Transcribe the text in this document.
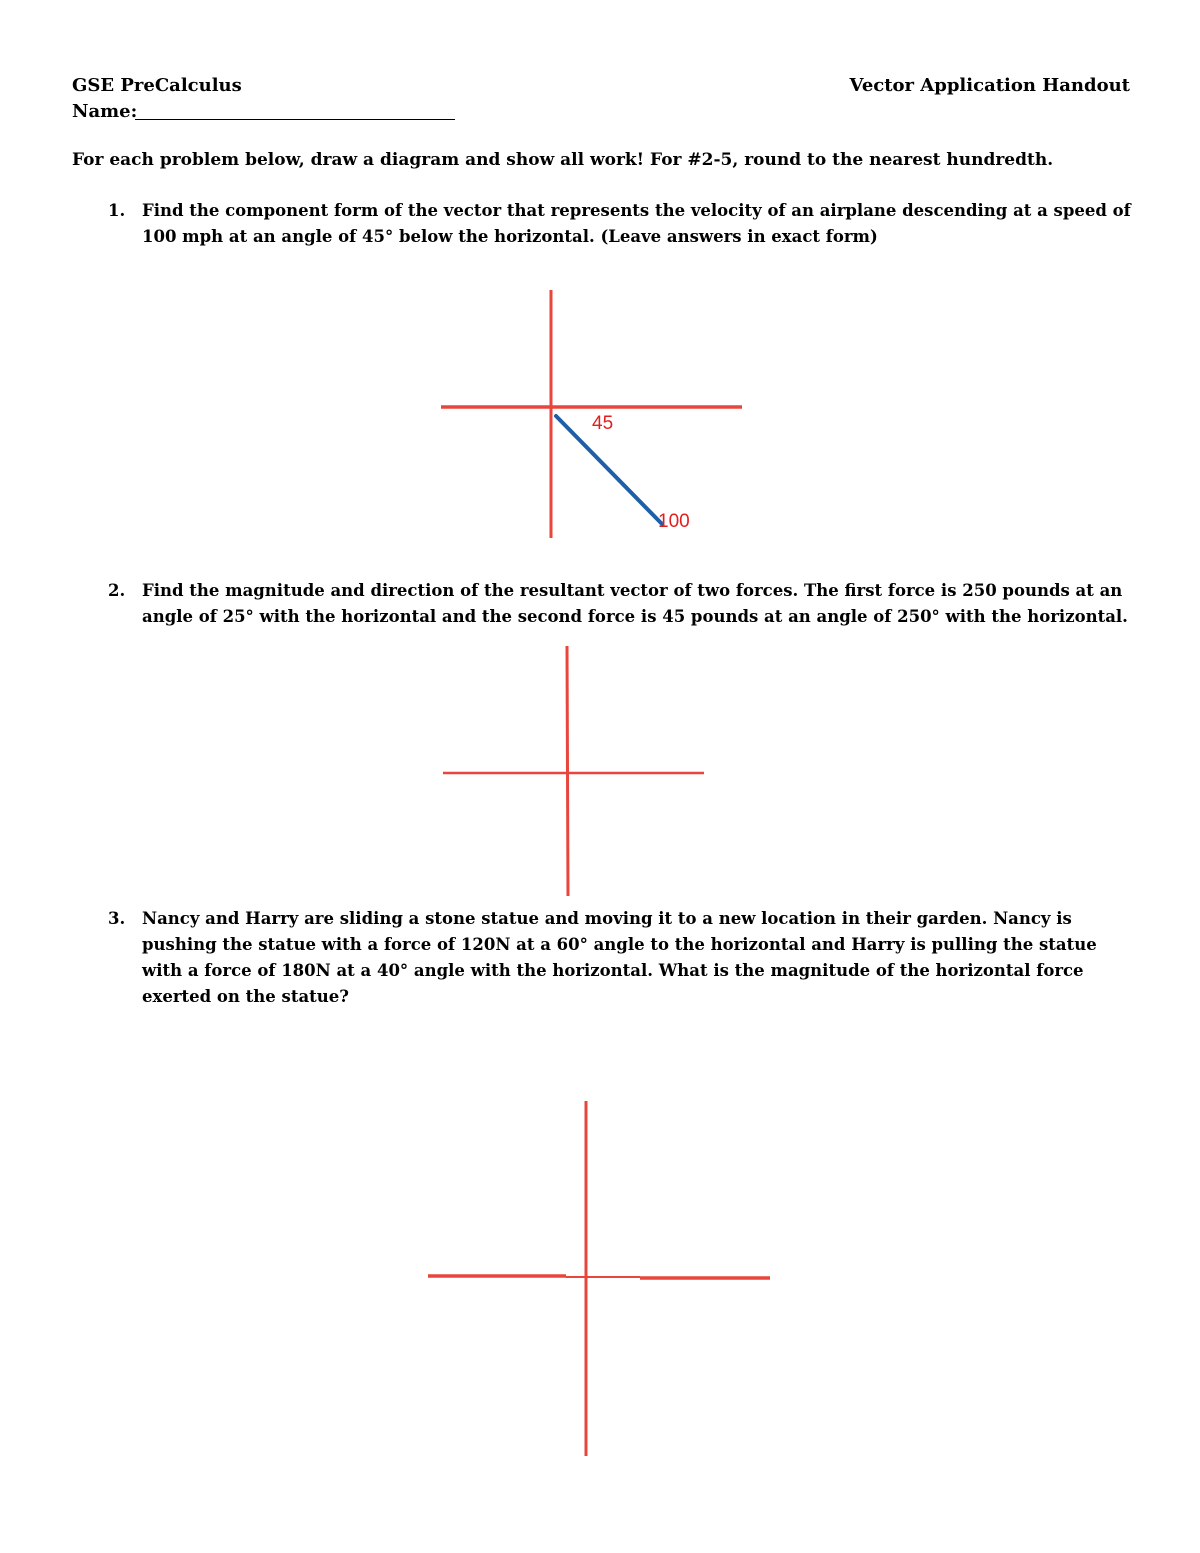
GSE PreCalculus	Vector Application Handout
Name:
For each problem below, draw a diagram and show all work! For #2-5, round to the nearest hundredth.
1. Find the component form of the vector that represents the velocity of an airplane descending at a speed of 100 mph at an angle of 45° below the horizontal. (Leave answers in exact form)
2. Find the magnitude and direction of the resultant vector of two forces. The first force is 250 pounds at an angle of 25° with the horizontal and the second force is 45 pounds at an angle of 250° with the horizontal.
3. Nancy and Harry are sliding a stone statue and moving it to a new location in their garden. Nancy is pushing the statue with a force of 120N at a 60° angle to the horizontal and Harry is pulling the statue with a force of 180N at a 40° angle with the horizontal. What is the magnitude of the horizontal force exerted on the statue?
45
100
